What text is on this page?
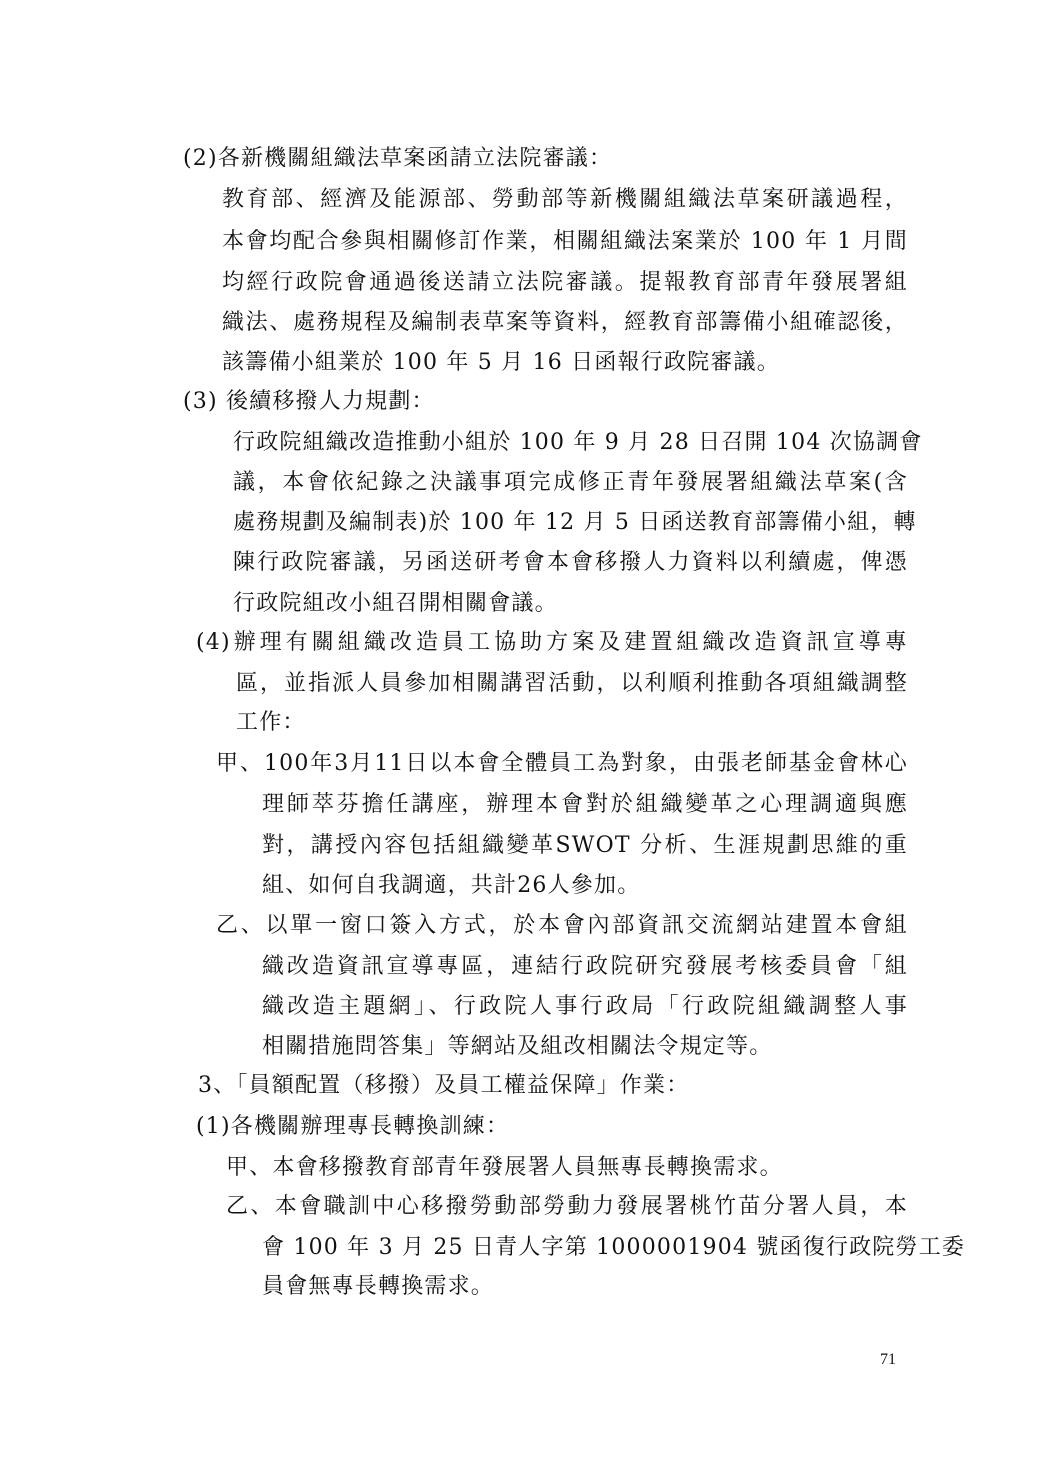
(2)各新機關組織法草案函請立法院審議：
教育部、經濟及能源部、勞動部等新機關組織法草案研議過程，
本會均配合參與相關修訂作業，相關組織法案業於 100 年 1 月間
均經行政院會通過後送請立法院審議。提報教育部青年發展署組
織法、處務規程及編制表草案等資料，經教育部籌備小組確認後，
該籌備小組業於 100 年 5 月 16 日函報行政院審議。
(3) 後續移撥人力規劃：
行政院組織改造推動小組於 100 年 9 月 28 日召開 104 次協調會
議，本會依紀錄之決議事項完成修正青年發展署組織法草案(含
處務規劃及編制表)於 100 年 12 月 5 日函送教育部籌備小組，轉
陳行政院審議，另函送研考會本會移撥人力資料以利續處，俾憑
行政院組改小組召開相關會議。
(4)辦理有關組織改造員工協助方案及建置組織改造資訊宣導專
區，並指派人員參加相關講習活動，以利順利推動各項組織調整
工作：
甲、100年3月11日以本會全體員工為對象，由張老師基金會林心
理師萃芬擔任講座，辦理本會對於組織變革之心理調適與應
對，講授內容包括組織變革SWOT 分析、生涯規劃思維的重
組、如何自我調適，共計26人參加。
乙、以單一窗口簽入方式，於本會內部資訊交流網站建置本會組
織改造資訊宣導專區，連結行政院研究發展考核委員會「組
織改造主題網」、行政院人事行政局「行政院組織調整人事
相關措施問答集」等網站及組改相關法令規定等。
3、「員額配置（移撥）及員工權益保障」作業：
(1)各機關辦理專長轉換訓練：
甲、本會移撥教育部青年發展署人員無專長轉換需求。
乙、本會職訓中心移撥勞動部勞動力發展署桃竹苗分署人員，本
會 100 年 3 月 25 日青人字第 1000001904 號函復行政院勞工委
員會無專長轉換需求。
71
